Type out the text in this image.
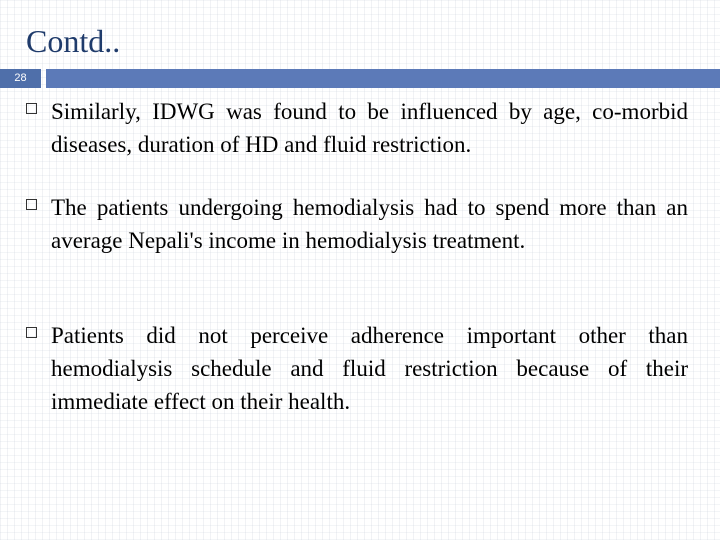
Contd..
28

Similarly, IDWG was found to be influenced by age, co-morbid diseases, duration of HD and fluid restriction.

The patients undergoing hemodialysis had to spend more than an average Nepali's income in hemodialysis treatment.

Patients did not perceive adherence important other than hemodialysis schedule and fluid restriction because of their immediate effect on their health.
